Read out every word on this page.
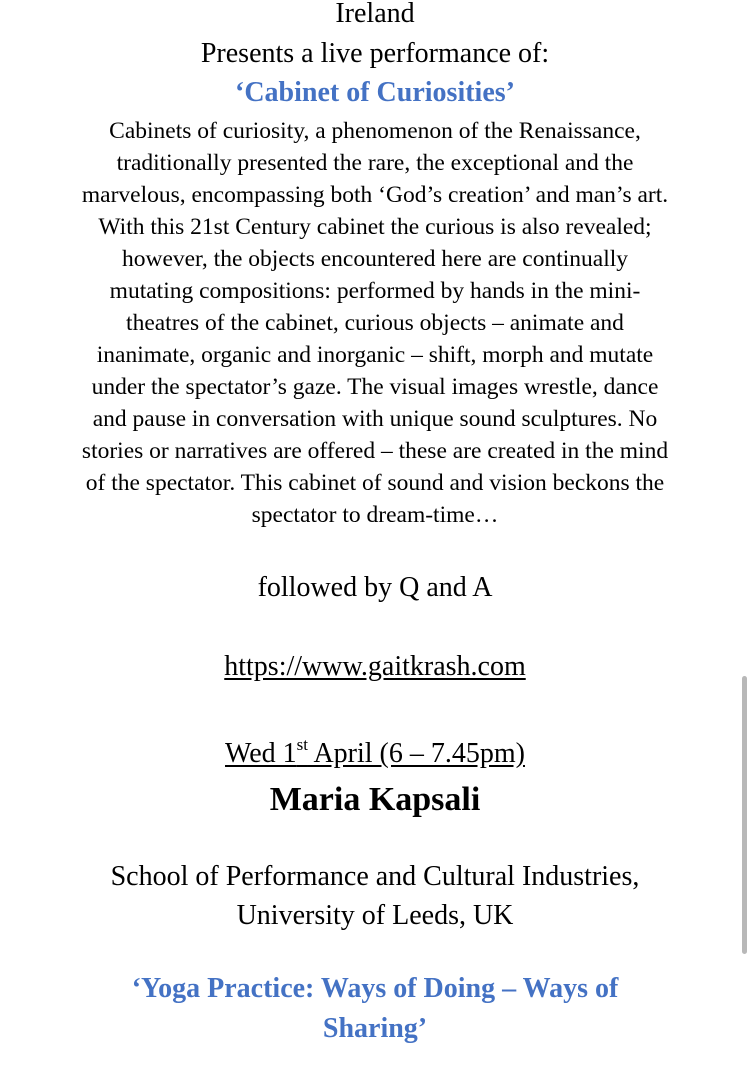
Ireland
Presents a live performance of:
‘Cabinet of Curiosities’
Cabinets of curiosity, a phenomenon of the Renaissance,
traditionally presented the rare, the exceptional and the
marvelous, encompassing both ‘God’s creation’ and man’s art.
With this 21st Century cabinet the curious is also revealed;
however, the objects encountered here are continually
mutating compositions: performed by hands in the mini-
theatres of the cabinet, curious objects – animate and
inanimate, organic and inorganic – shift, morph and mutate
under the spectator’s gaze. The visual images wrestle, dance
and pause in conversation with unique sound sculptures. No
stories or narratives are offered – these are created in the mind
of the spectator. This cabinet of sound and vision beckons the
spectator to dream-time…
followed by Q and A
https://www.gaitkrash.com
Wed 1st April (6 – 7.45pm)
Maria Kapsali
School of Performance and Cultural Industries,
University of Leeds, UK
‘Yoga Practice: Ways of Doing – Ways of
Sharing’
